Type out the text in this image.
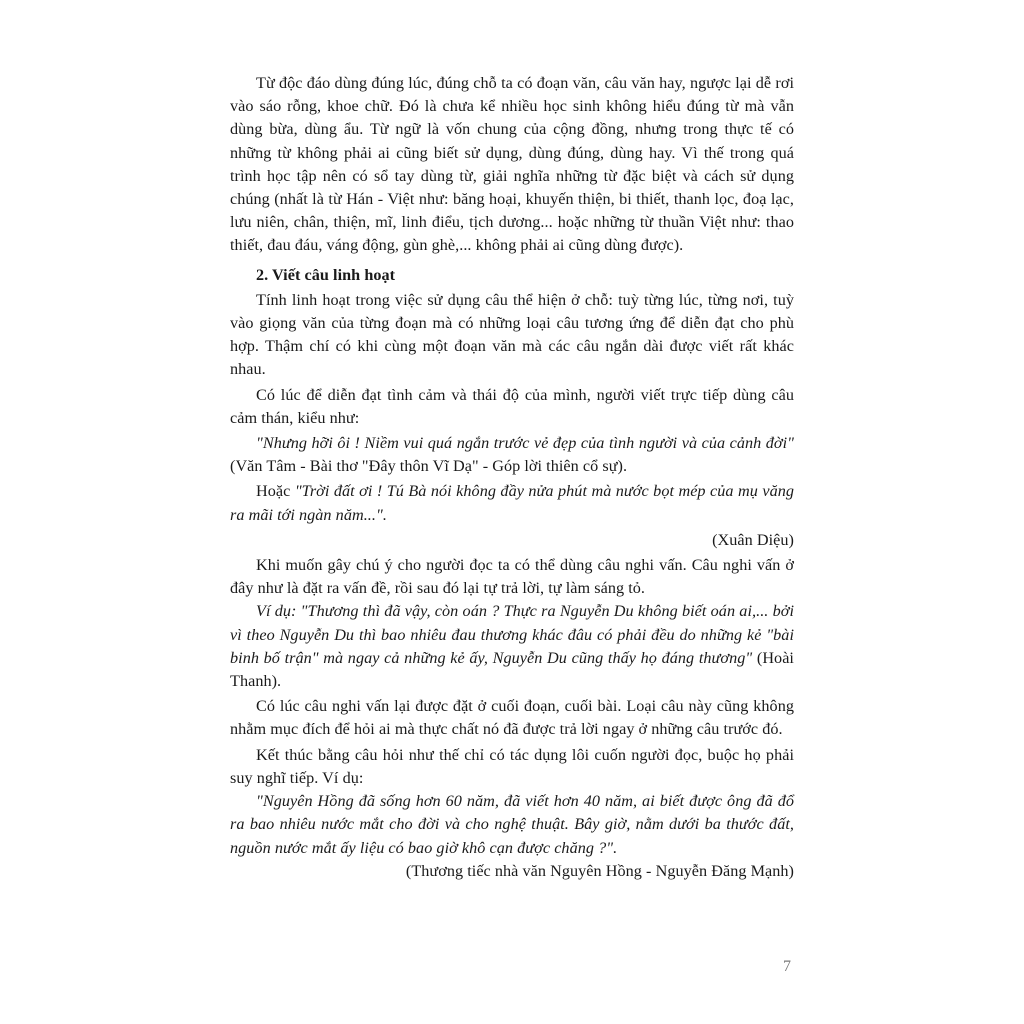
Từ độc đáo dùng đúng lúc, đúng chỗ ta có đoạn văn, câu văn hay, ngược lại dễ rơi vào sáo rỗng, khoe chữ. Đó là chưa kể nhiều học sinh không hiểu đúng từ mà vẫn dùng bừa, dùng ẩu. Từ ngữ là vốn chung của cộng đồng, nhưng trong thực tế có những từ không phải ai cũng biết sử dụng, dùng đúng, dùng hay. Vì thế trong quá trình học tập nên có sổ tay dùng từ, giải nghĩa những từ đặc biệt và cách sử dụng chúng (nhất là từ Hán - Việt như: băng hoại, khuyến thiện, bi thiết, thanh lọc, đoạ lạc, lưu niên, chân, thiện, mĩ, linh điểu, tịch dương... hoặc những từ thuần Việt như: thao thiết, đau đáu, váng động, gùn ghè,... không phải ai cũng dùng được).

2. Viết câu linh hoạt

Tính linh hoạt trong việc sử dụng câu thể hiện ở chỗ: tuỳ từng lúc, từng nơi, tuỳ vào giọng văn của từng đoạn mà có những loại câu tương ứng để diễn đạt cho phù hợp. Thậm chí có khi cùng một đoạn văn mà các câu ngắn dài được viết rất khác nhau.

Có lúc để diễn đạt tình cảm và thái độ của mình, người viết trực tiếp dùng câu cảm thán, kiểu như:

"Nhưng hỡi ôi ! Niềm vui quá ngắn trước vẻ đẹp của tình người và của cảnh đời" (Văn Tâm - Bài thơ "Đây thôn Vĩ Dạ" - Góp lời thiên cổ sự).

Hoặc "Trời đất ơi ! Tú Bà nói không đầy nửa phút mà nước bọt mép của mụ văng ra mãi tới ngàn năm...".

(Xuân Diệu)

Khi muốn gây chú ý cho người đọc ta có thể dùng câu nghi vấn. Câu nghi vấn ở đây như là đặt ra vấn đề, rồi sau đó lại tự trả lời, tự làm sáng tỏ.

Ví dụ: "Thương thì đã vậy, còn oán ? Thực ra Nguyễn Du không biết oán ai,... bởi vì theo Nguyễn Du thì bao nhiêu đau thương khác đâu có phải đều do những kẻ "bài binh bố trận" mà ngay cả những kẻ ấy, Nguyễn Du cũng thấy họ đáng thương" (Hoài Thanh).

Có lúc câu nghi vấn lại được đặt ở cuối đoạn, cuối bài. Loại câu này cũng không nhằm mục đích để hỏi ai mà thực chất nó đã được trả lời ngay ở những câu trước đó.

Kết thúc bằng câu hỏi như thế chỉ có tác dụng lôi cuốn người đọc, buộc họ phải suy nghĩ tiếp. Ví dụ:

"Nguyên Hồng đã sống hơn 60 năm, đã viết hơn 40 năm, ai biết được ông đã đổ ra bao nhiêu nước mắt cho đời và cho nghệ thuật. Bây giờ, nằm dưới ba thước đất, nguồn nước mắt ấy liệu có bao giờ khô cạn được chăng ?".

(Thương tiếc nhà văn Nguyên Hồng - Nguyễn Đăng Mạnh)

7
